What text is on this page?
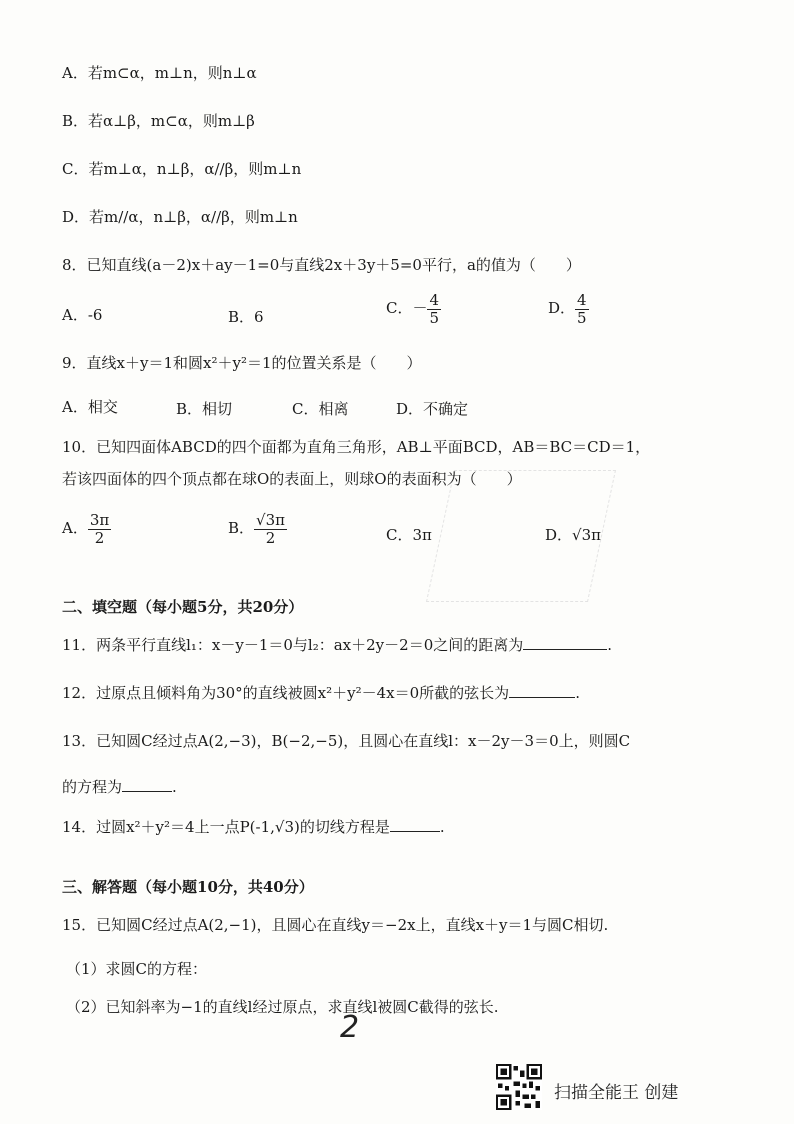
A．若m⊂α，m⊥n，则n⊥α
B．若α⊥β，m⊂α，则m⊥β
C．若m⊥α，n⊥β，α//β，则m⊥n
D．若m//α，n⊥β，α//β，则m⊥n
8．已知直线(a－2)x＋ay－1=0与直线2x＋3y＋5=0平行，a的值为（　　）
A．-6	B．6	C．－ $\frac{4}{5}$	D． $\frac{4}{5}$
9．直线x＋y＝1和圆x²＋y²＝1的位置关系是（　　）
A．相交	B．相切	C．相离	D．不确定
10．已知四面体ABCD的四个面都为直角三角形，AB⊥平面BCD，AB＝BC＝CD＝1，
若该四面体的四个顶点都在球O的表面上，则球O的表面积为（　　）
A． $\frac{3\pi}{2}$	B． $\frac{√3\pi}{2}$	C．3π	D．√3π
二、填空题（每小题5分，共20分）
11．两条平行直线l₁：x－y－1＝0与l₂：ax＋2y－2＝0之间的距离为	.
12．过原点且倾料角为30°的直线被圆x²＋y²－4x＝0所截的弦长为	.
13．已知圆C经过点A(2,−3)，B(−2,−5)，且圆心在直线l：x－2y－3＝0上，则圆C
的方程为	.
14．过圆x²＋y²＝4上一点P(-1,√3)的切线方程是	.
三、解答题（每小题10分，共40分）
15．已知圆C经过点A(2,−1)，且圆心在直线y＝−2x上，直线x＋y＝1与圆C相切.
（1）求圆C的方程：
（2）已知斜率为−1的直线l经过原点，求直线l被圆C截得的弦长.
2
扫描全能王 创建
